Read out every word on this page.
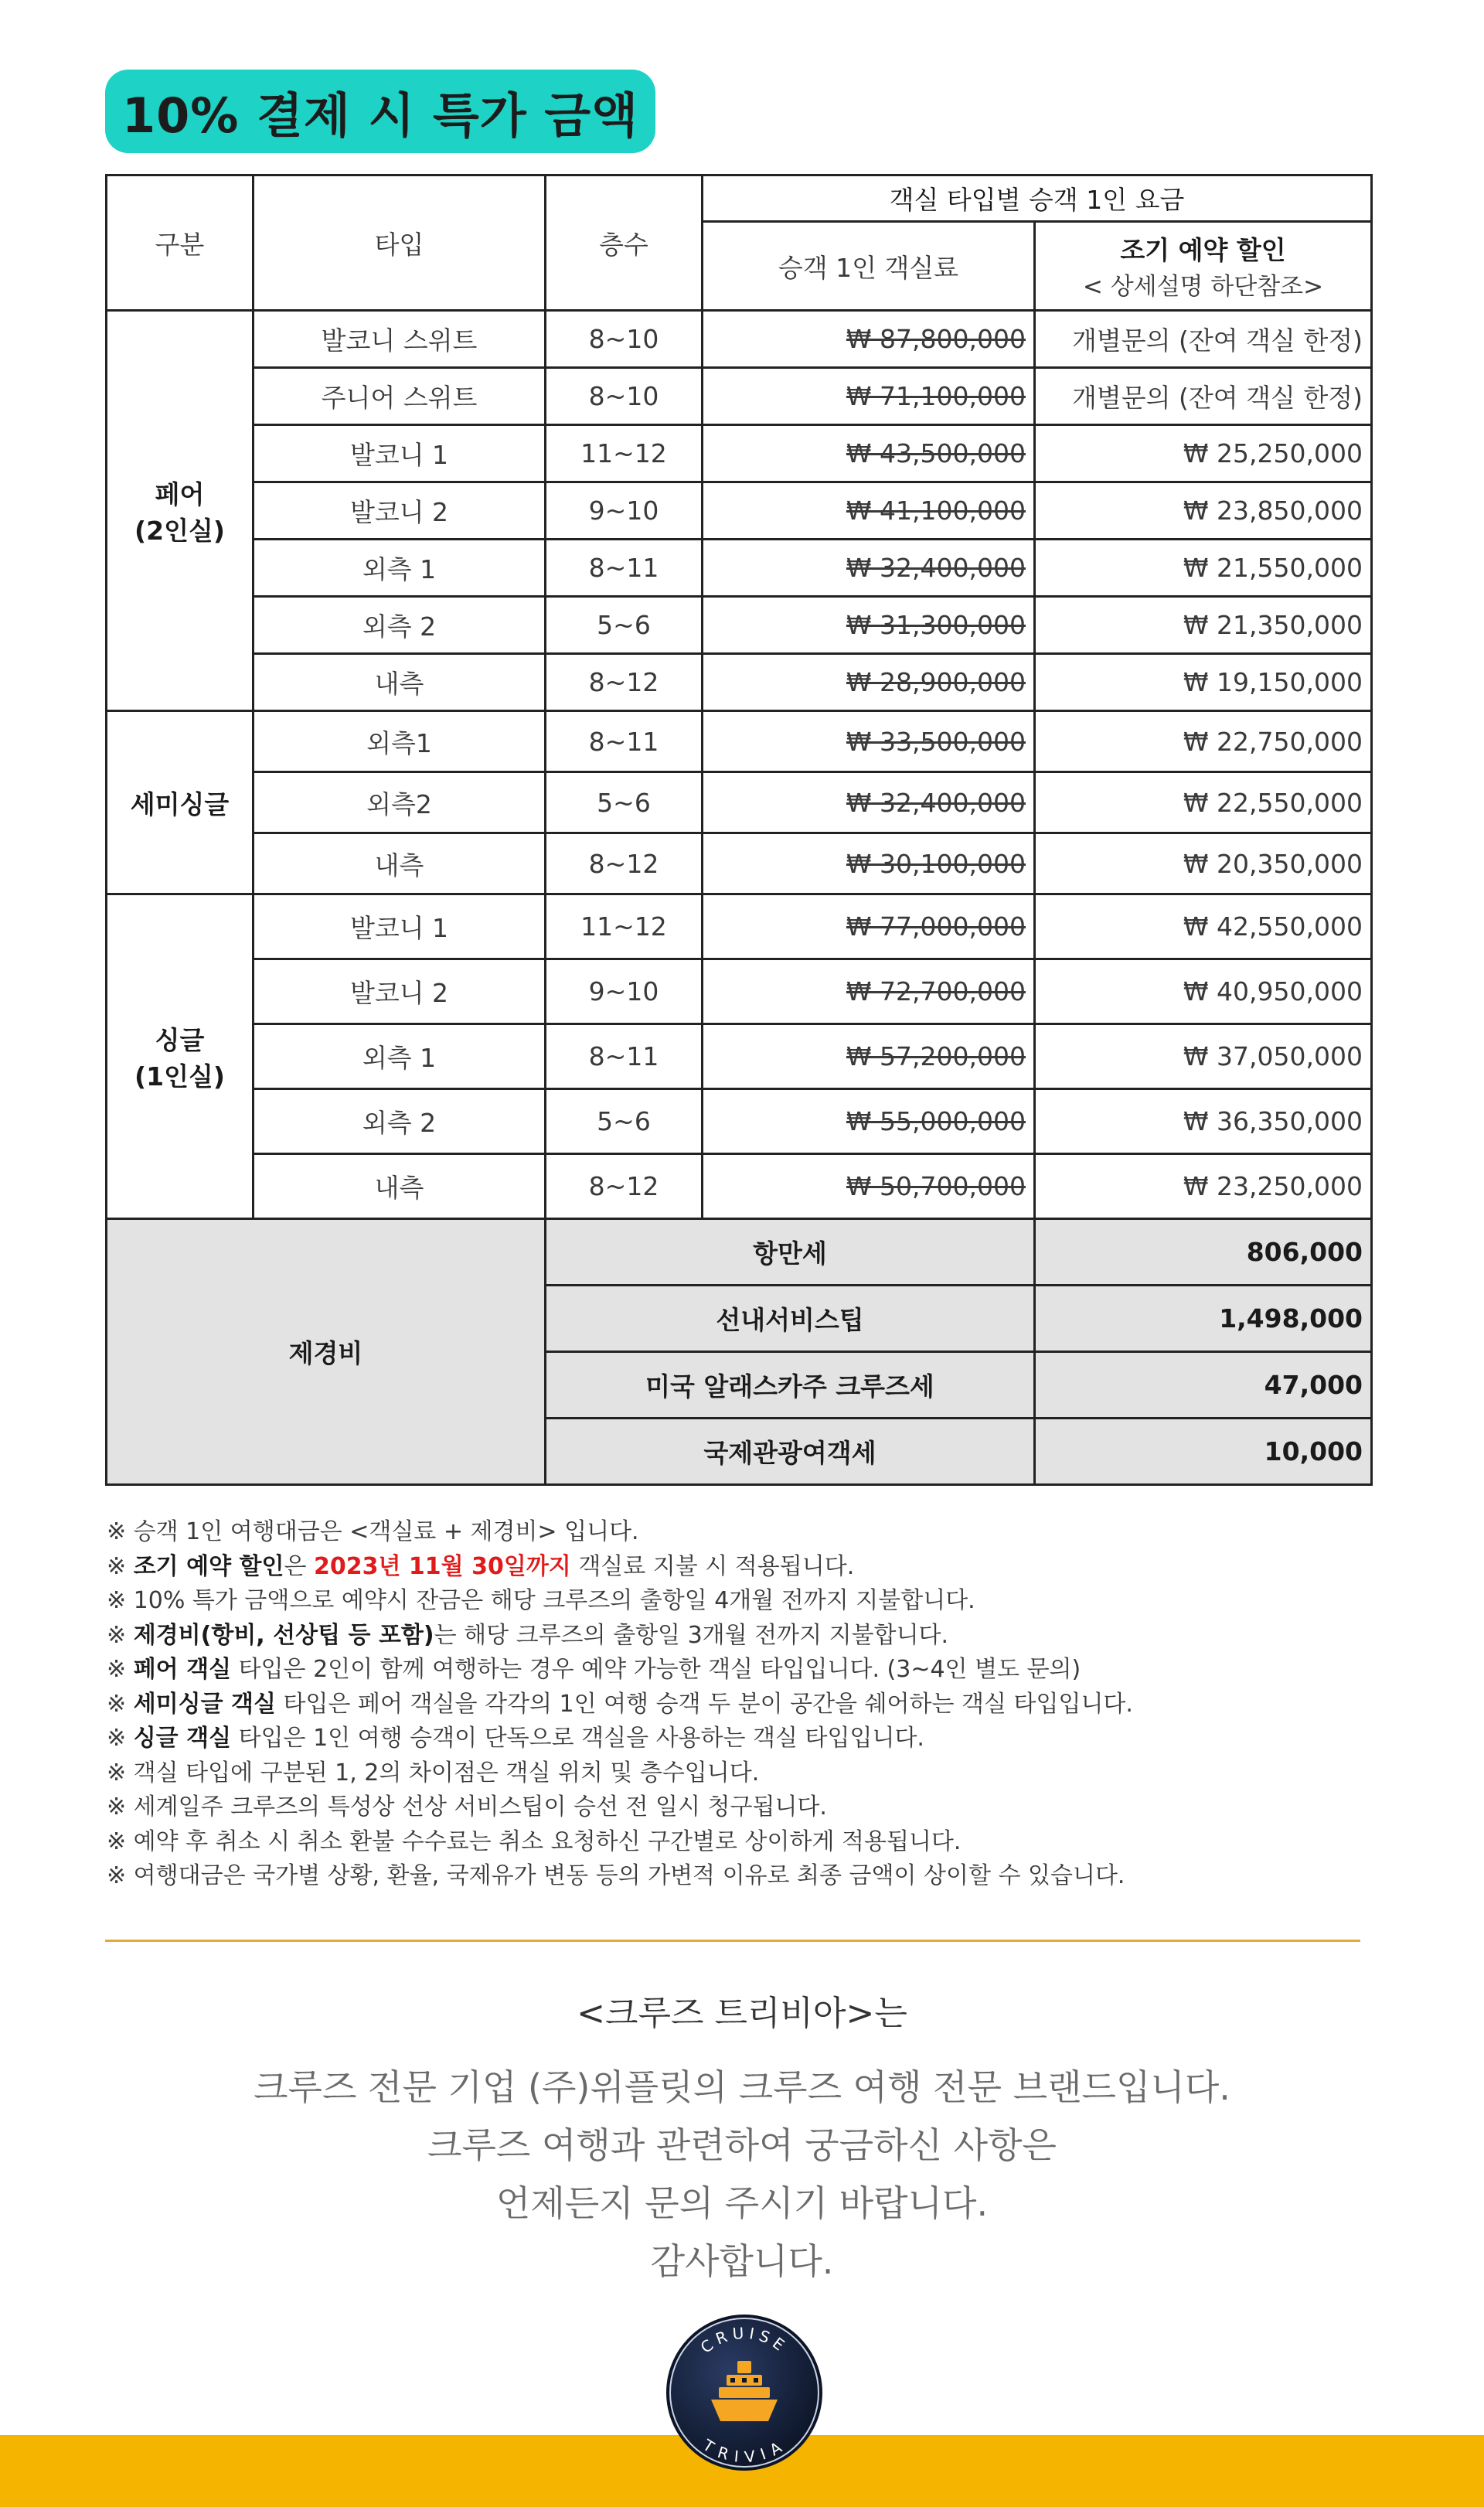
10% 결제 시 특가 금액
구분	타입	층수	객실 타입별 승객 1인 요금	
			승객 1인 객실료	조기 예약 할인
< 상세설명 하단참조>

페어
(2인실)	발코니 스위트	8~10	₩ 87,800,000	개별문의 (잔여 객실 한정)
	주니어 스위트	8~10	₩ 71,100,000	개별문의 (잔여 객실 한정)
	발코니 1	11~12	₩ 43,500,000	₩ 25,250,000
	발코니 2	9~10	₩ 41,100,000	₩ 23,850,000
	외측 1	8~11	₩ 32,400,000	₩ 21,550,000
	외측 2	5~6	₩ 31,300,000	₩ 21,350,000
	내측	8~12	₩ 28,900,000	₩ 19,150,000
세미싱글	외측1	8~11	₩ 33,500,000	₩ 22,750,000
	외측2	5~6	₩ 32,400,000	₩ 22,550,000
	내측	8~12	₩ 30,100,000	₩ 20,350,000
싱글
(1인실)	발코니 1	11~12	₩ 77,000,000	₩ 42,550,000
	발코니 2	9~10	₩ 72,700,000	₩ 40,950,000
	외측 1	8~11	₩ 57,200,000	₩ 37,050,000
	외측 2	5~6	₩ 55,000,000	₩ 36,350,000
	내측	8~12	₩ 50,700,000	₩ 23,250,000
제경비		항만세		806,000
		선내서비스팁		1,498,000
		미국 알래스카주 크루즈세		47,000
		국제관광여객세		10,000
※ 승객 1인 여행대금은 <객실료 + 제경비> 입니다.
※ 조기 예약 할인은 2023년 11월 30일까지 객실료 지불 시 적용됩니다.
※ 10% 특가 금액으로 예약시 잔금은 해당 크루즈의 출항일 4개월 전까지 지불합니다.
※ 제경비(항비, 선상팁 등 포함)는 해당 크루즈의 출항일 3개월 전까지 지불합니다.
※ 페어 객실 타입은 2인이 함께 여행하는 경우 예약 가능한 객실 타입입니다. (3~4인 별도 문의)
※ 세미싱글 객실 타입은 페어 객실을 각각의 1인 여행 승객 두 분이 공간을 쉐어하는 객실 타입입니다.
※ 싱글 객실 타입은 1인 여행 승객이 단독으로 객실을 사용하는 객실 타입입니다.
※ 객실 타입에 구분된 1, 2의 차이점은 객실 위치 및 층수입니다.
※ 세계일주 크루즈의 특성상 선상 서비스팁이 승선 전 일시 청구됩니다.
※ 예약 후 취소 시 취소 환불 수수료는 취소 요청하신 구간별로 상이하게 적용됩니다.
※ 여행대금은 국가별 상황, 환율, 국제유가 변동 등의 가변적 이유로 최종 금액이 상이할 수 있습니다.
<크루즈 트리비아>는
크루즈 전문 기업 (주)위플릿의 크루즈 여행 전문 브랜드입니다.
크루즈 여행과 관련하여 궁금하신 사항은
언제든지 문의 주시기 바랍니다.
감사합니다.
CRUISE
TRIVIA
